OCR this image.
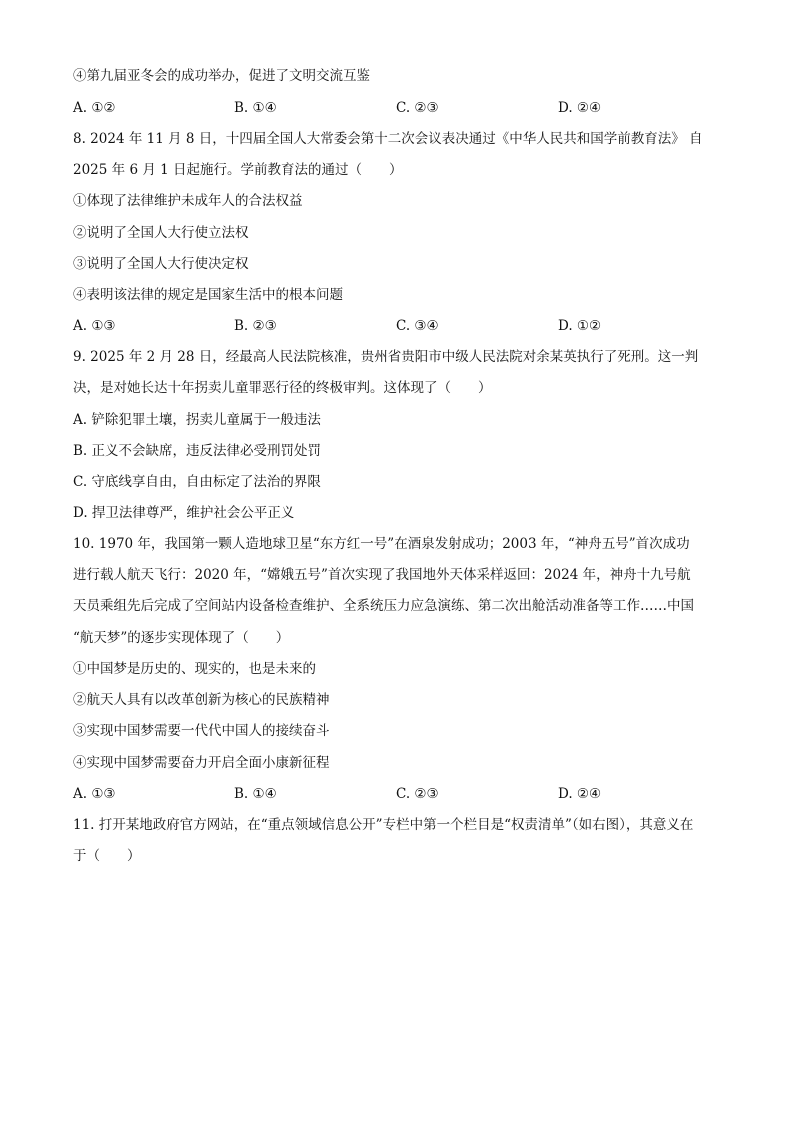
④第九届亚冬会的成功举办，促进了文明交流互鉴
A. ①②	B. ①④	C. ②③	D. ②④
8. 2024 年 11 月 8 日，十四届全国人大常委会第十二次会议表决通过《中华人民共和国学前教育法》 自
2025 年 6 月 1 日起施行。学前教育法的通过（　　）
①体现了法律维护未成年人的合法权益
②说明了全国人大行使立法权
③说明了全国人大行使决定权
④表明该法律的规定是国家生活中的根本问题
A. ①③	B. ②③	C. ③④	D. ①②
9. 2025 年 2 月 28 日，经最高人民法院核准，贵州省贵阳市中级人民法院对余某英执行了死刑。这一判
决，是对她长达十年拐卖儿童罪恶行径的终极审判。这体现了（　　）
A. 铲除犯罪土壤，拐卖儿童属于一般违法
B. 正义不会缺席，违反法律必受刑罚处罚
C. 守底线享自由，自由标定了法治的界限
D. 捍卫法律尊严，维护社会公平正义
10. 1970 年，我国第一颗人造地球卫星“东方红一号”在酒泉发射成功；2003 年，“神舟五号”首次成功
进行载人航天飞行：2020 年，“嫦娥五号”首次实现了我国地外天体采样返回：2024 年，神舟十九号航
天员乘组先后完成了空间站内设备检查维护、全系统压力应急演练、第二次出舱活动准备等工作……中国
“航天梦”的逐步实现体现了（　　）
①中国梦是历史的、现实的，也是未来的
②航天人具有以改革创新为核心的民族精神
③实现中国梦需要一代代中国人的接续奋斗
④实现中国梦需要奋力开启全面小康新征程
A. ①③	B. ①④	C. ②③	D. ②④
11. 打开某地政府官方网站，在“重点领域信息公开”专栏中第一个栏目是“权责清单”（如右图），其意义在
于（　　）
